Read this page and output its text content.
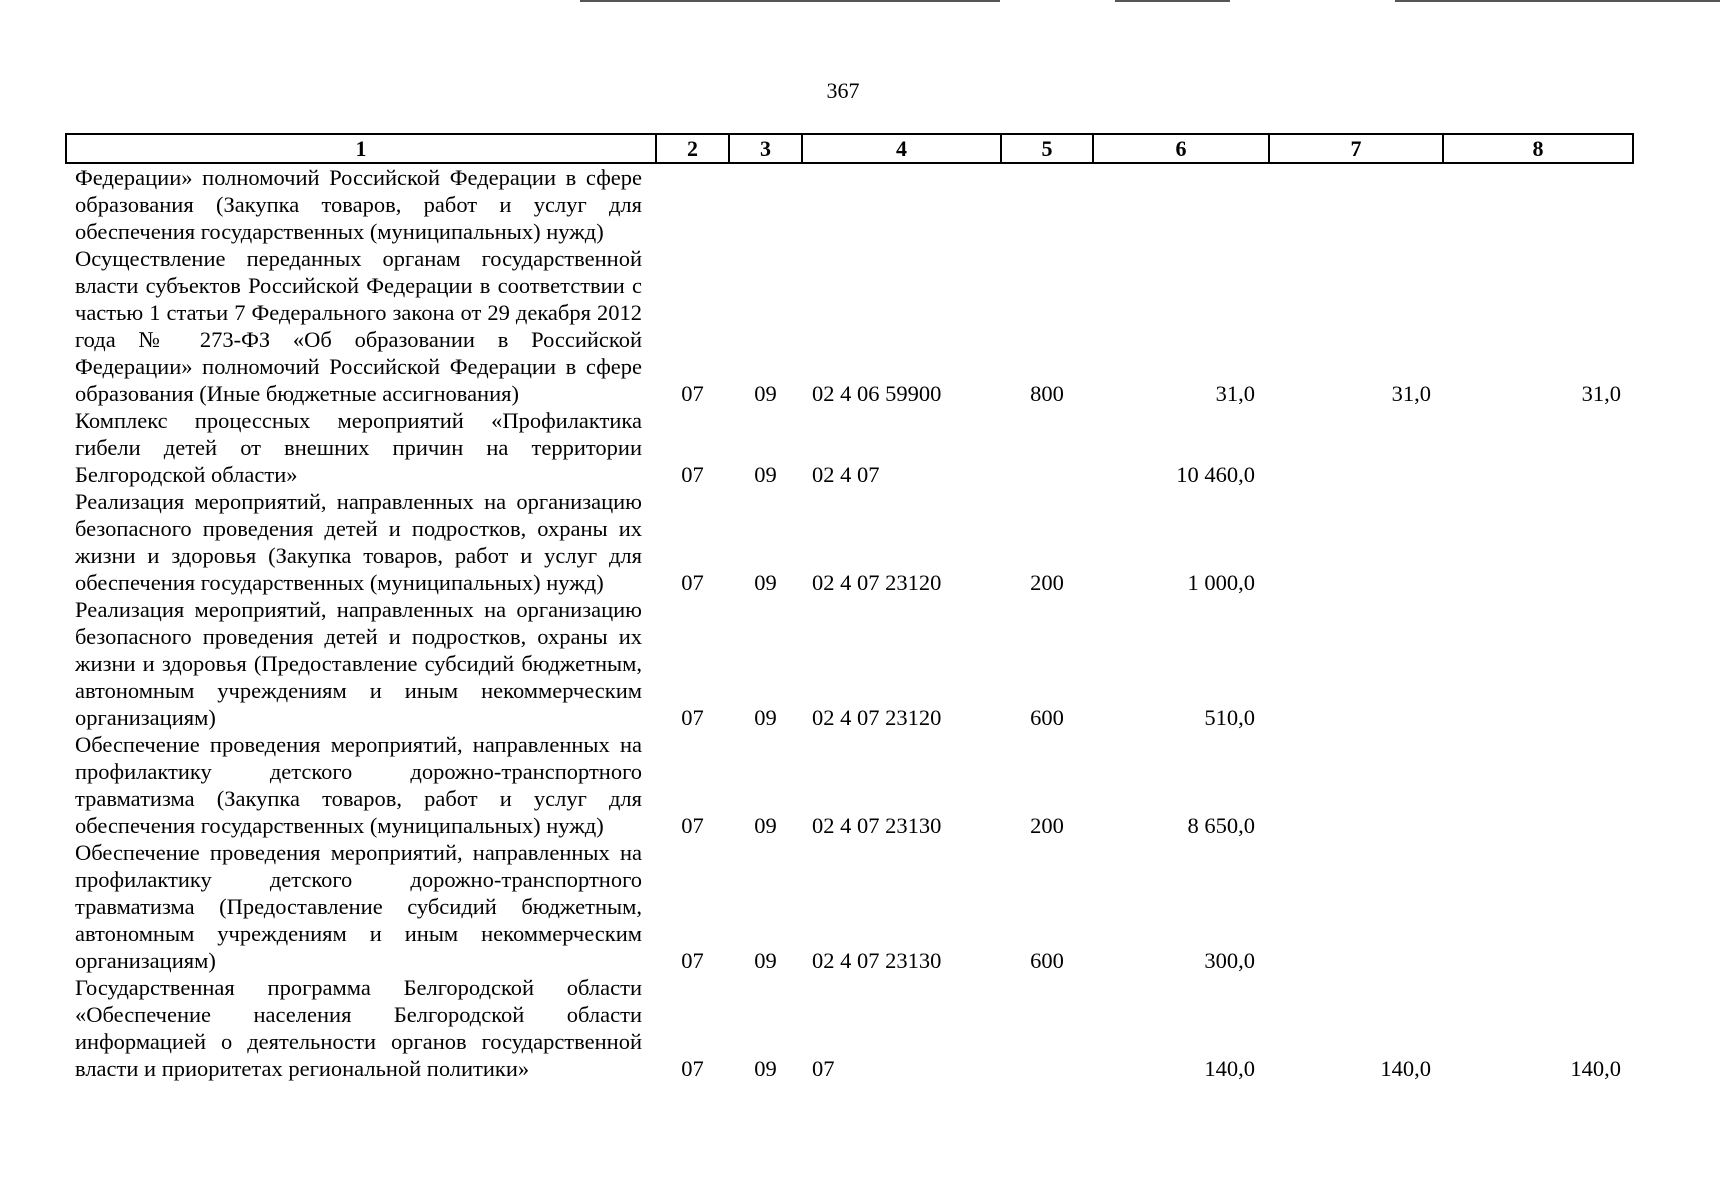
367
1	2	3	4	5	6	7	8
Федерации» полномочий Российской Федерации в сфере образования (Закупка товаров, работ и услуг для обеспечения государственных (муниципальных) нужд)							
Осуществление переданных органам государственной власти субъектов Российской Федерации в соответствии с частью 1 статьи 7 Федерального закона от 29 декабря 2012 года № 273-ФЗ «Об образовании в Российской Федерации» полномочий Российской Федерации в сфере образования (Иные бюджетные ассигнования)	07	09	02 4 06 59900	800	31,0	31,0	31,0
Комплекс процессных мероприятий «Профилактика гибели детей от внешних причин на территории Белгородской области»	07	09	02 4 07		10 460,0		
Реализация мероприятий, направленных на организацию безопасного проведения детей и подростков, охраны их жизни и здоровья (Закупка товаров, работ и услуг для обеспечения государственных (муниципальных) нужд)	07	09	02 4 07 23120	200	1 000,0		
Реализация мероприятий, направленных на организацию безопасного проведения детей и подростков, охраны их жизни и здоровья (Предоставление субсидий бюджетным, автономным учреждениям и иным некоммерческим организациям)	07	09	02 4 07 23120	600	510,0		
Обеспечение проведения мероприятий, направленных на профилактику детского дорожно-транспортного травматизма (Закупка товаров, работ и услуг для обеспечения государственных (муниципальных) нужд)	07	09	02 4 07 23130	200	8 650,0		
Обеспечение проведения мероприятий, направленных на профилактику детского дорожно-транспортного травматизма (Предоставление субсидий бюджетным, автономным учреждениям и иным некоммерческим организациям)	07	09	02 4 07 23130	600	300,0		
Государственная программа Белгородской области «Обеспечение населения Белгородской области информацией о деятельности органов государственной власти и приоритетах региональной политики»	07	09	07		140,0	140,0	140,0
